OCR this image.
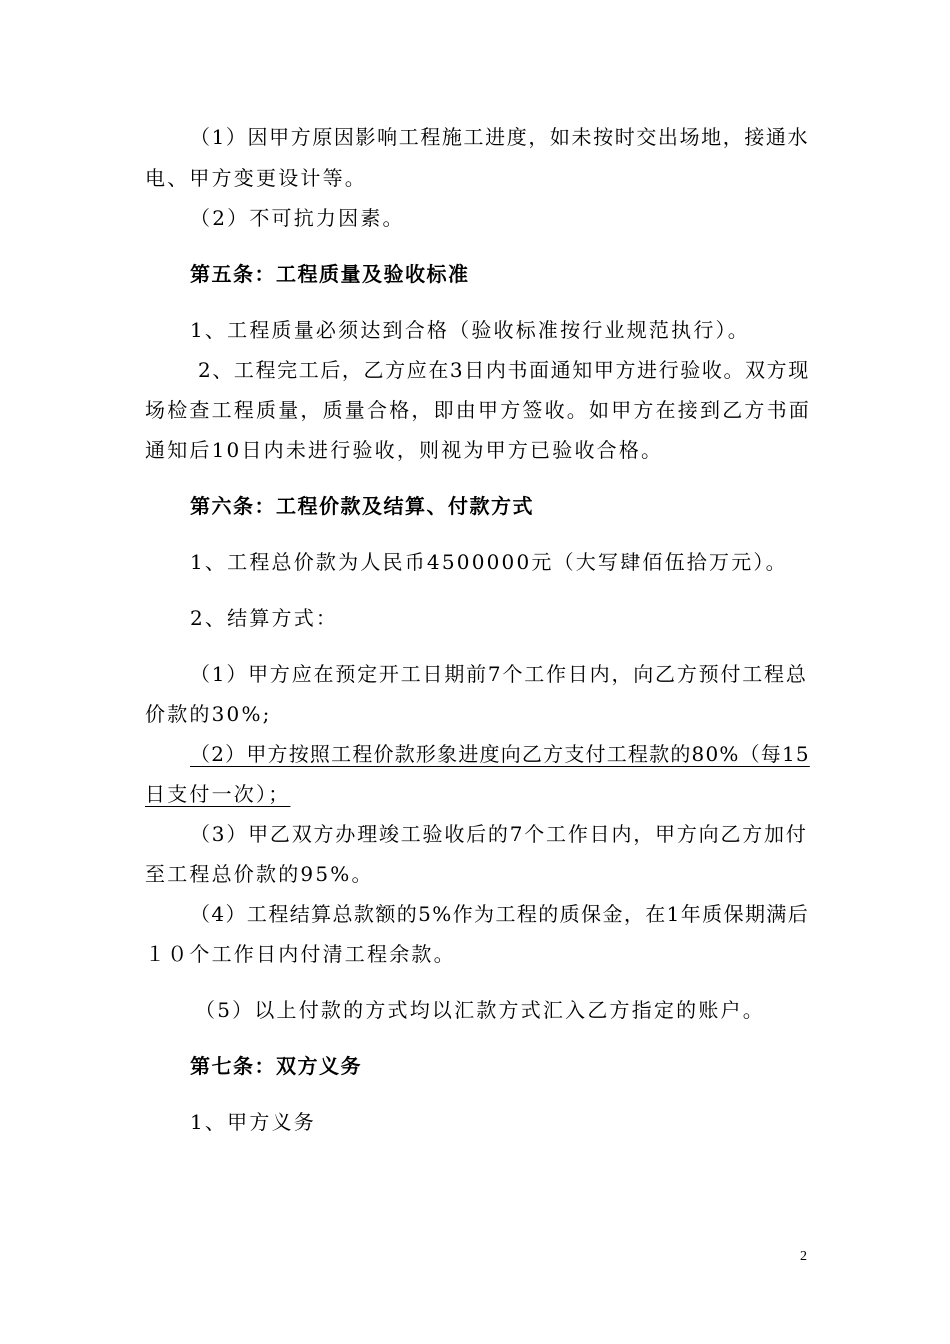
（1）因甲方原因影响工程施工进度，如未按时交出场地，接通水
电、甲方变更设计等。
（2）不可抗力因素。
第五条：工程质量及验收标准
1、工程质量必须达到合格（验收标准按行业规范执行）。
2、工程完工后，乙方应在3日内书面通知甲方进行验收。双方现
场检查工程质量，质量合格，即由甲方签收。如甲方在接到乙方书面
通知后10日内未进行验收，则视为甲方已验收合格。
第六条：工程价款及结算、付款方式
1、工程总价款为人民币4500000元（大写肆佰伍拾万元）。
2、结算方式：
（1）甲方应在预定开工日期前7个工作日内，向乙方预付工程总
价款的30%;
（2）甲方按照工程价款形象进度向乙方支付工程款的80%（每15
日支付一次）；
（3）甲乙双方办理竣工验收后的7个工作日内，甲方向乙方加付
至工程总价款的95%。
（4）工程结算总款额的5%作为工程的质保金，在1年质保期满后
１０个工作日内付清工程余款。
（5）以上付款的方式均以汇款方式汇入乙方指定的账户。
第七条：双方义务
1、甲方义务
2
